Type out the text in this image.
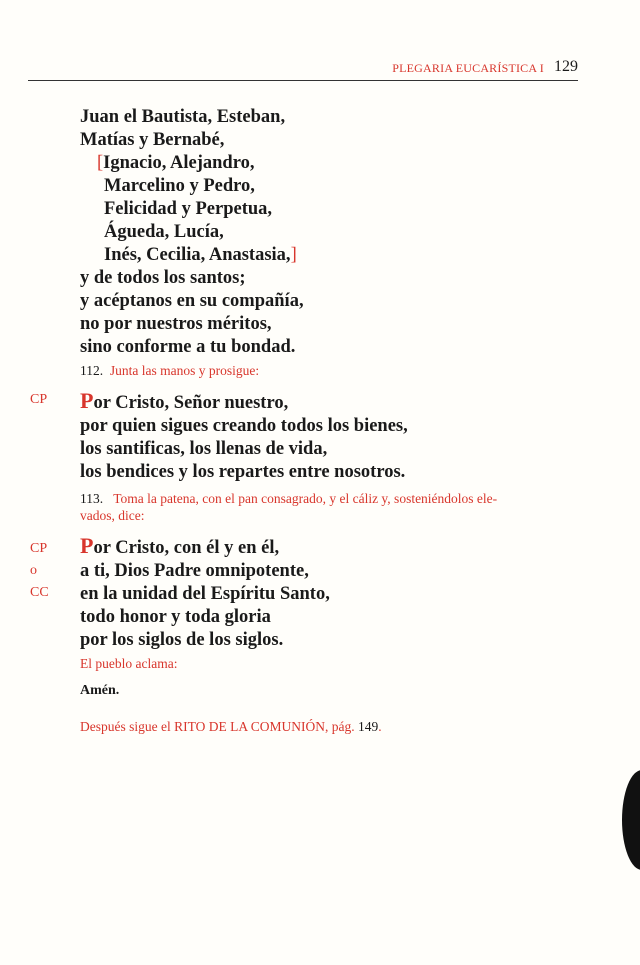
PLEGARIA EUCARÍSTICA I 129
Juan el Bautista, Esteban,
Matías y Bernabé,
[Ignacio, Alejandro,
Marcelino y Pedro,
Felicidad y Perpetua,
Águeda, Lucía,
Inés, Cecilia, Anastasia,]
y de todos los santos;
y acéptanos en su compañía,
no por nuestros méritos,
sino conforme a tu bondad.
112. Junta las manos y prosigue:
CP Por Cristo, Señor nuestro,
por quien sigues creando todos los bienes,
los santificas, los llenas de vida,
los bendices y los repartes entre nosotros.
113. Toma la patena, con el pan consagrado, y el cáliz y, sosteniéndolos ele-
vados, dice:
CP
o
CC
Por Cristo, con él y en él,
a ti, Dios Padre omnipotente,
en la unidad del Espíritu Santo,
todo honor y toda gloria
por los siglos de los siglos.
El pueblo aclama:
Amén.
Después sigue el RITO DE LA COMUNIÓN, pág. 149.
